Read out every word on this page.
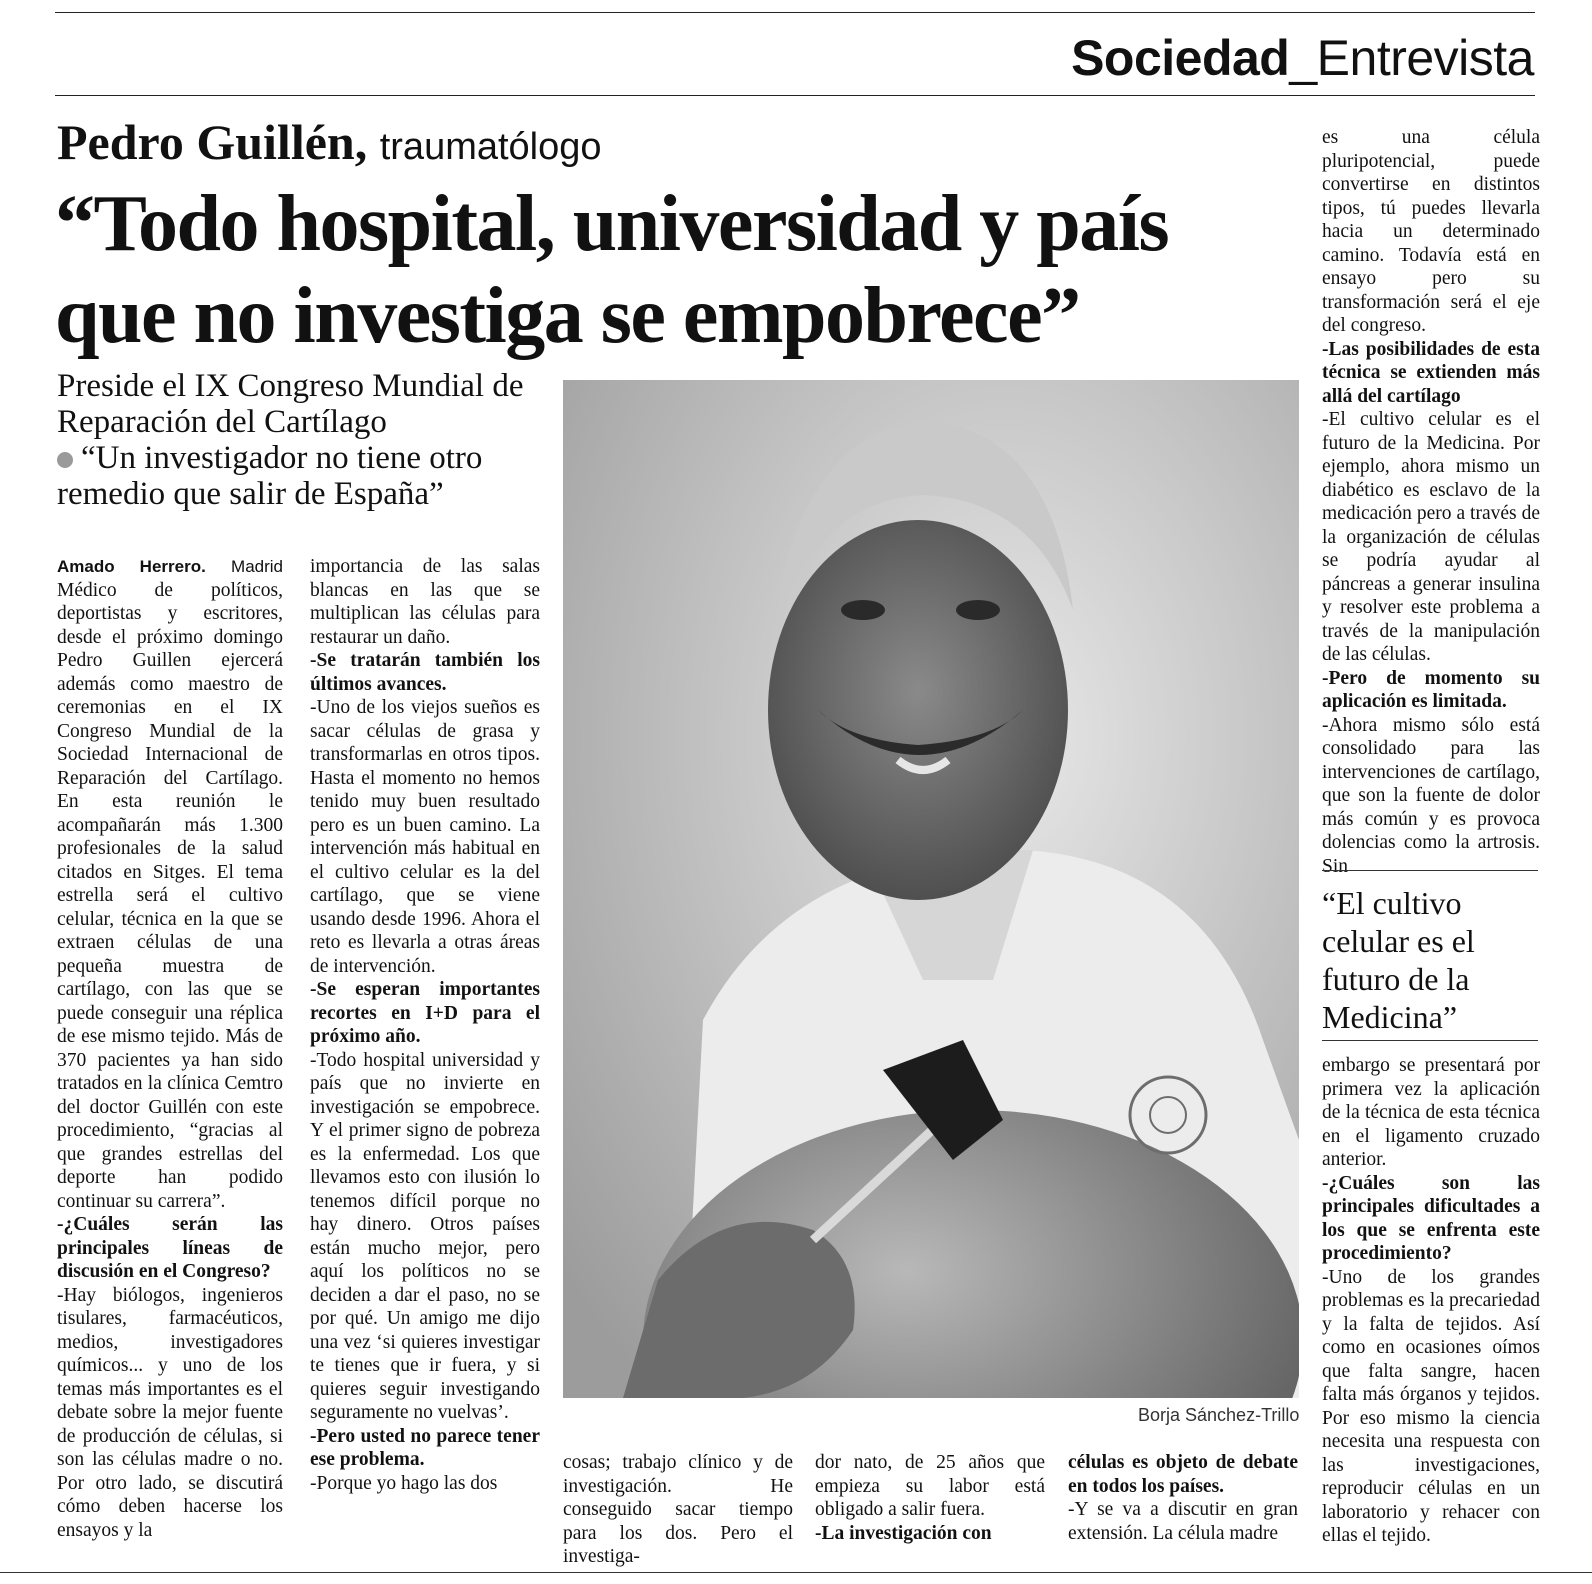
Sociedad_Entrevista
Pedro Guillén, traumatólogo
“Todo hospital, universidad y país que no investiga se empobrece”
Preside el IX Congreso Mundial de Reparación del Cartílago
“Un investigador no tiene otro remedio que salir de España”

Amado Herrero. Madrid Médico de políticos, deportistas y escritores, desde el próximo domingo Pedro Guillen ejercerá además como maestro de ceremonias en el IX Congreso Mundial de la Sociedad Internacional de Reparación del Cartílago. En esta reunión le acompañarán más 1.300 profesionales de la salud citados en Sitges. El tema estrella será el cultivo celular, técnica en la que se extraen células de una pequeña muestra de cartílago, con las que se puede conseguir una réplica de ese mismo tejido. Más de 370 pacientes ya han sido tratados en la clínica Cemtro del doctor Guillén con este procedimiento, “gracias al que grandes estrellas del deporte han podido continuar su carrera”.

-¿Cuáles serán las principales líneas de discusión en el Congreso?

-Hay biólogos, ingenieros tisulares, farmacéuticos, medios, investigadores químicos... y uno de los temas más importantes es el debate sobre la mejor fuente de producción de células, si son las células madre o no. Por otro lado, se discutirá cómo deben hacerse los ensayos y la

importancia de las salas blancas en las que se multiplican las células para restaurar un daño.

-Se tratarán también los últimos avances.

-Uno de los viejos sueños es sacar células de grasa y transformarlas en otros tipos. Hasta el momento no hemos tenido muy buen resultado pero es un buen camino. La intervención más habitual en el cultivo celular es la del cartílago, que se viene usando desde 1996. Ahora el reto es llevarla a otras áreas de intervención.

-Se esperan importantes recortes en I+D para el próximo año.

-Todo hospital universidad y país que no invierte en investigación se empobrece. Y el primer signo de pobreza es la enfermedad. Los que llevamos esto con ilusión lo tenemos difícil porque no hay dinero. Otros países están mucho mejor, pero aquí los políticos no se deciden a dar el paso, no se por qué. Un amigo me dijo una vez ‘si quieres investigar te tienes que ir fuera, y si quieres seguir investigando seguramente no vuelvas’.

-Pero usted no parece tener ese problema.

-Porque yo hago las dos

Borja Sánchez-Trillo

cosas; trabajo clínico y de investigación. He conseguido sacar tiempo para los dos. Pero el investiga-

dor nato, de 25 años que empieza su labor está obligado a salir fuera.

-La investigación con

células es objeto de debate en todos los países.

-Y se va a discutir en gran extensión. La célula madre

es una célula pluripotencial, puede convertirse en distintos tipos, tú puedes llevarla hacia un determinado camino. Todavía está en ensayo pero su transformación será el eje del congreso.

-Las posibilidades de esta técnica se extienden más allá del cartílago

-El cultivo celular es el futuro de la Medicina. Por ejemplo, ahora mismo un diabético es esclavo de la medicación pero a través de la organización de células se podría ayudar al páncreas a generar insulina y resolver este problema a través de la manipulación de las células.

-Pero de momento su aplicación es limitada.

-Ahora mismo sólo está consolidado para las intervenciones de cartílago, que son la fuente de dolor más común y es provoca dolencias como la artrosis. Sin

“El cultivo celular es el futuro de la Medicina”

embargo se presentará por primera vez la aplicación de la técnica de esta técnica en el ligamento cruzado anterior.

-¿Cuáles son las principales dificultades a los que se enfrenta este procedimiento?

-Uno de los grandes problemas es la precariedad y la falta de tejidos. Así como en ocasiones oímos que falta sangre, hacen falta más órganos y tejidos. Por eso mismo la ciencia necesita una respuesta con las investigaciones, reproducir células en un laboratorio y rehacer con ellas el tejido.
